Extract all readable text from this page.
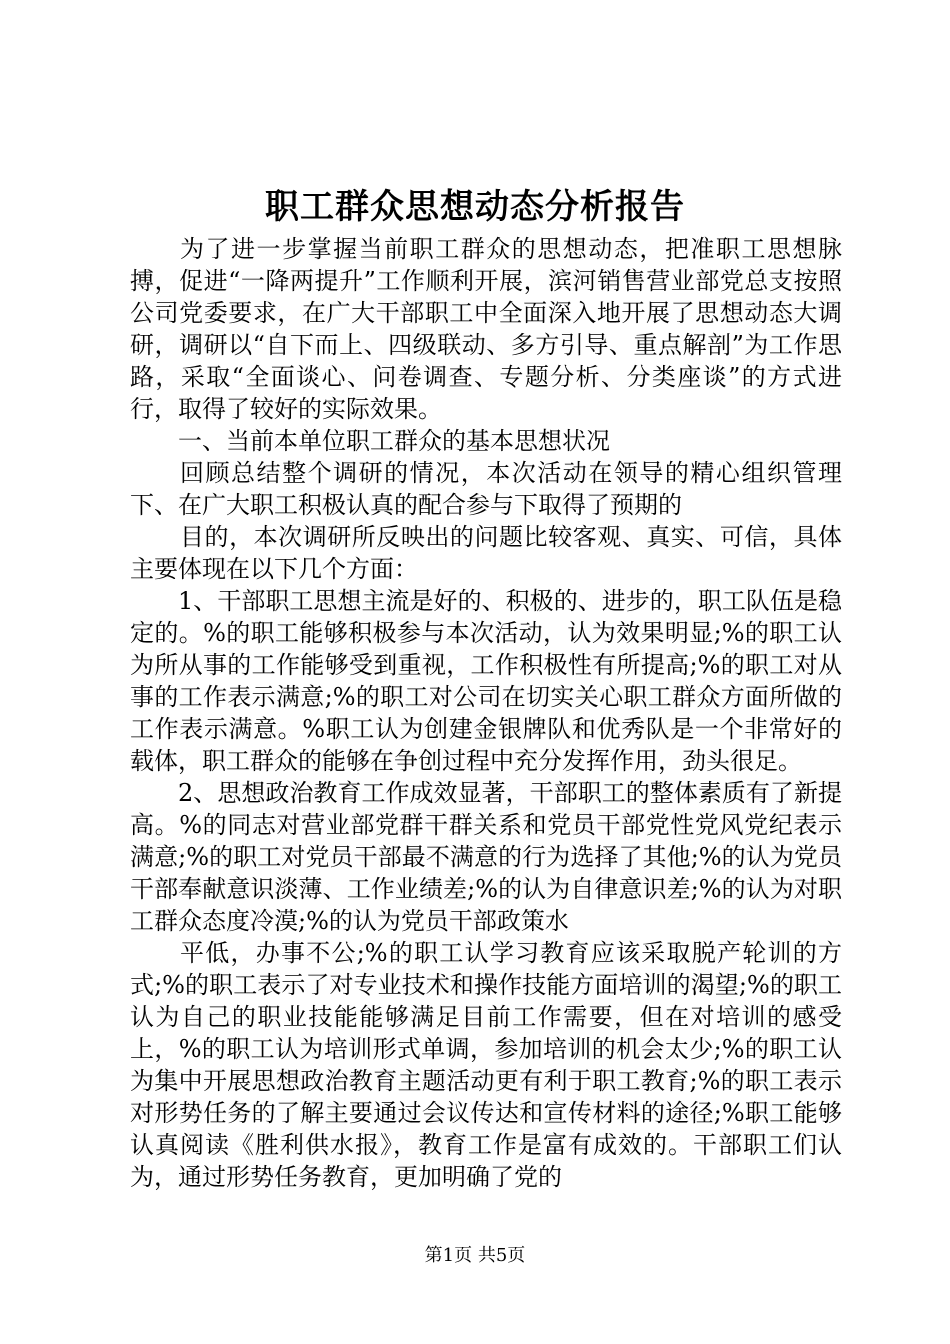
职工群众思想动态分析报告

为了进一步掌握当前职工群众的思想动态，把准职工思想脉搏，促进“一降两提升”工作顺利开展，滨河销售营业部党总支按照公司党委要求，在广大干部职工中全面深入地开展了思想动态大调研，调研以“自下而上、四级联动、多方引导、重点解剖”为工作思路，采取“全面谈心、问卷调查、专题分析、分类座谈”的方式进行，取得了较好的实际效果。

一、当前本单位职工群众的基本思想状况

回顾总结整个调研的情况，本次活动在领导的精心组织管理下、在广大职工积极认真的配合参与下取得了预期的

目的，本次调研所反映出的问题比较客观、真实、可信，具体主要体现在以下几个方面：

1、干部职工思想主流是好的、积极的、进步的，职工队伍是稳定的。%的职工能够积极参与本次活动，认为效果明显;%的职工认为所从事的工作能够受到重视，工作积极性有所提高;%的职工对从事的工作表示满意;%的职工对公司在切实关心职工群众方面所做的工作表示满意。%职工认为创建金银牌队和优秀队是一个非常好的载体，职工群众的能够在争创过程中充分发挥作用，劲头很足。

2、思想政治教育工作成效显著，干部职工的整体素质有了新提高。%的同志对营业部党群干群关系和党员干部党性党风党纪表示满意;%的职工对党员干部最不满意的行为选择了其他;%的认为党员干部奉献意识淡薄、工作业绩差;%的认为自律意识差;%的认为对职工群众态度冷漠;%的认为党员干部政策水

平低，办事不公;%的职工认学习教育应该采取脱产轮训的方式;%的职工表示了对专业技术和操作技能方面培训的渴望;%的职工认为自己的职业技能能够满足目前工作需要，但在对培训的感受上，%的职工认为培训形式单调，参加培训的机会太少;%的职工认为集中开展思想政治教育主题活动更有利于职工教育;%的职工表示对形势任务的了解主要通过会议传达和宣传材料的途径;%职工能够认真阅读《胜利供水报》，教育工作是富有成效的。干部职工们认为，通过形势任务教育，更加明确了党的

第1页 共5页
